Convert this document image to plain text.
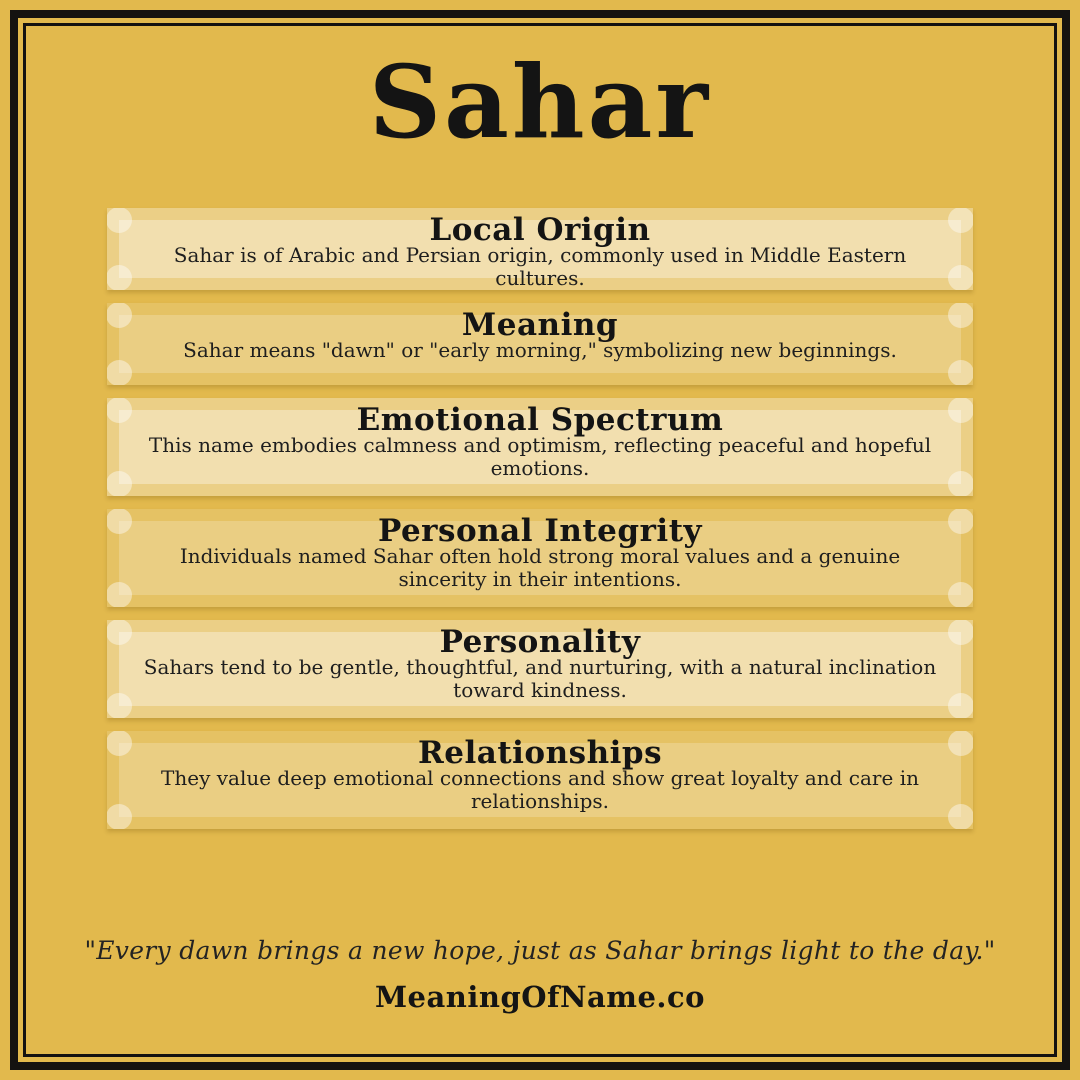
Sahar
Local Origin

Sahar is of Arabic and Persian origin, commonly used in Middle Eastern cultures.

Meaning

Sahar means "dawn" or "early morning," symbolizing new beginnings.

Emotional Spectrum

This name embodies calmness and optimism, reflecting peaceful and hopeful emotions.

Personal Integrity

Individuals named Sahar often hold strong moral values and a genuine sincerity in their intentions.

Personality

Sahars tend to be gentle, thoughtful, and nurturing, with a natural inclination toward kindness.

Relationships

They value deep emotional connections and show great loyalty and care in relationships.

"Every dawn brings a new hope, just as Sahar brings light to the day."
MeaningOfName.co
